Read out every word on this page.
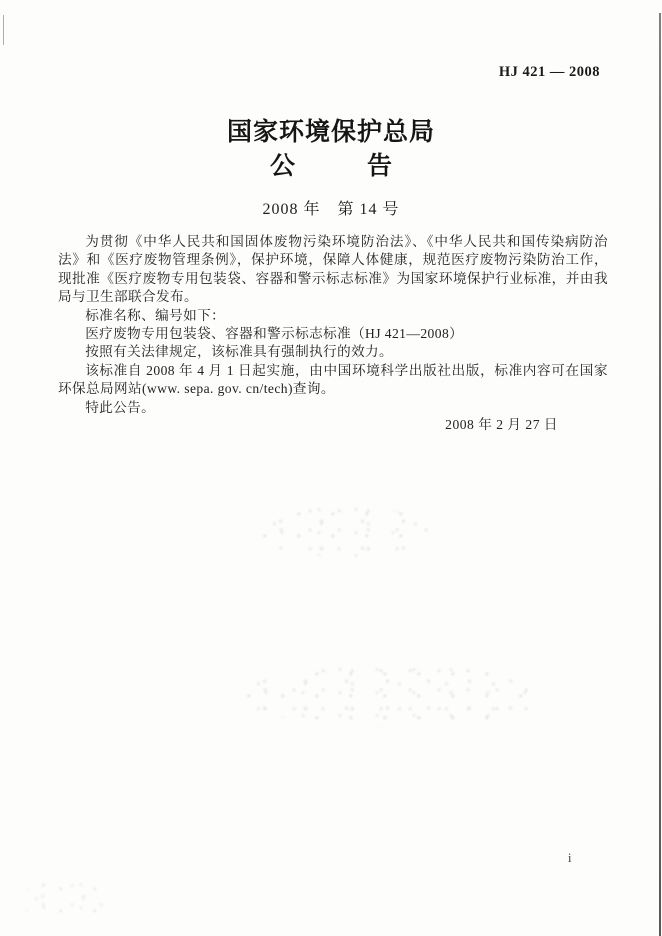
HJ 421 — 2008
国家环境保护总局
公	告
2008 年　第 14 号

为贯彻《中华人民共和国固体废物污染环境防治法》、《中华人民共和国传染病防治法》和《医疗废物管理条例》，保护环境，保障人体健康，规范医疗废物污染防治工作，现批准《医疗废物专用包装袋、容器和警示标志标准》为国家环境保护行业标准，并由我局与卫生部联合发布。

标准名称、编号如下：

医疗废物专用包装袋、容器和警示标志标准（HJ 421—2008）

按照有关法律规定，该标准具有强制执行的效力。

该标准自 2008 年 4 月 1 日起实施，由中国环境科学出版社出版，标准内容可在国家环保总局网站(www. sepa. gov. cn/tech)查询。

特此公告。

2008 年 2 月 27 日
i
